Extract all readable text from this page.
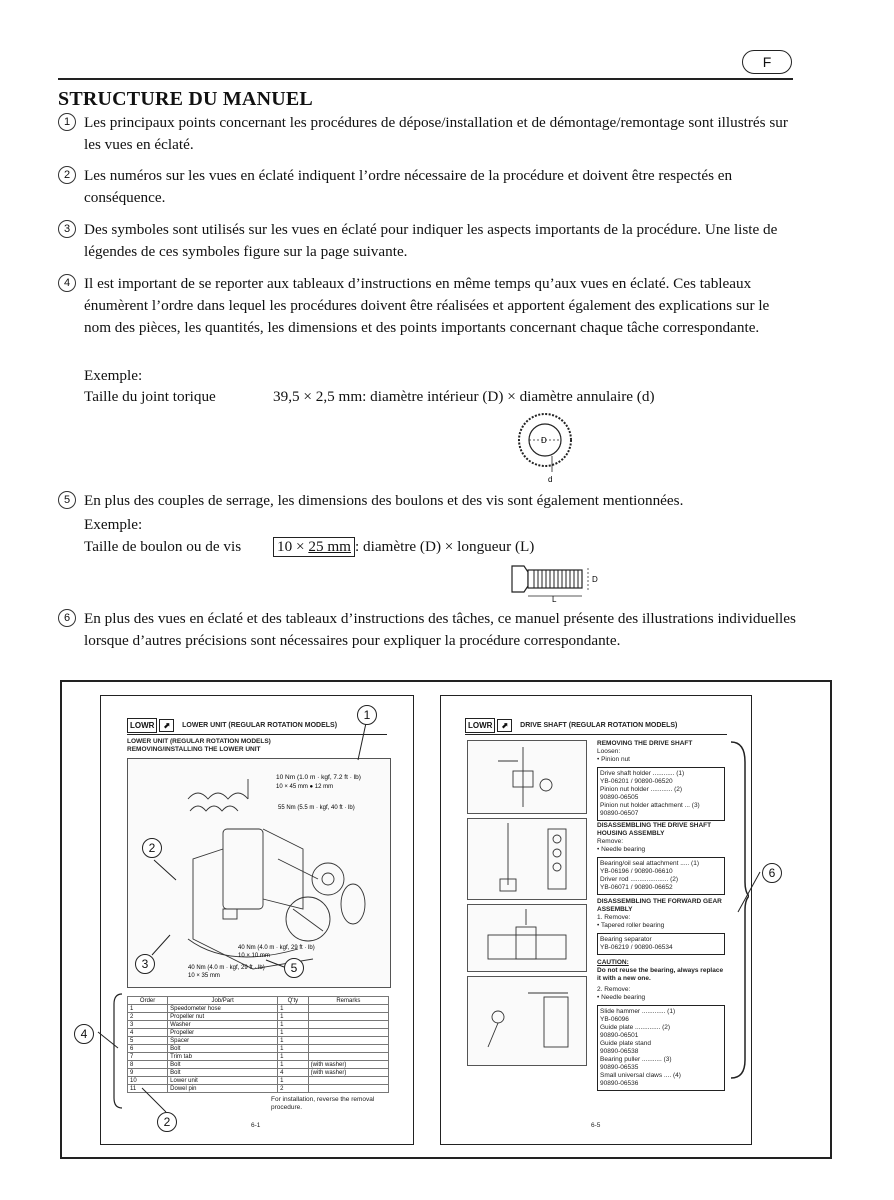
F
STRUCTURE DU MANUEL
1 Les principaux points concernant les procédures de dépose/installation et de démontage/remontage sont illustrés sur les vues en éclaté.
2 Les numéros sur les vues en éclaté indiquent l’ordre nécessaire de la procédure et doivent être respectés en conséquence.
3 Des symboles sont utilisés sur les vues en éclaté pour indiquer les aspects importants de la procédure. Une liste de légendes de ces symboles figure sur la page suivante.
4 Il est important de se reporter aux tableaux d’instructions en même temps qu’aux vues en éclaté. Ces tableaux énumèrent l’ordre dans lequel les procédures doivent être réalisées et apportent également des explications sur le nom des pièces, les quantités, les dimensions et des points importants concernant chaque tâche correspondante.
Exemple:
Taille du joint torique	39,5 × 2,5 mm: diamètre intérieur (D) × diamètre annulaire (d)
d
D
5 En plus des couples de serrage, les dimensions des boulons et des vis sont également mentionnées.
Exemple:
Taille de boulon ou de vis 10 × 25 mm : diamètre (D) × longueur (L)
D
L
6 En plus des vues en éclaté et des tableaux d’instructions des tâches, ce manuel présente des illustrations individuelles lorsque d’autres précisions sont nécessaires pour expliquer la procédure correspondante.
LOWR	⬈	LOWER UNIT (REGULAR ROTATION MODELS)
LOWER UNIT (REGULAR ROTATION MODELS)
REMOVING/INSTALLING THE LOWER UNIT
10 Nm (1.0 m · kgf, 7.2 ft · lb)
10 × 45 mm ● 12 mm
55 Nm (5.5 m · kgf, 40 ft · lb)
40 Nm (4.0 m · kgf, 29 ft · lb)
10 × 10 mm
40 Nm (4.0 m · kgf, 29 ft · lb)
10 × 35 mm
Order	Job/Part	Q'ty	Remarks
1	Speedometer hose	1	
2	Propeller nut	1	
3	Washer	1	
4	Propeller	1	
5	Spacer	1	
6	Bolt	1	
7	Trim tab	1	
8	Bolt	1	(with washer)
9	Bolt	4	(with washer)
10	Lower unit	1	
11	Dowel pin	2	
For installation, reverse the removal procedure.
6-1
LOWR	⬈	DRIVE SHAFT (REGULAR ROTATION MODELS)
REMOVING THE DRIVE SHAFT
Loosen:
• Pinion nut
Drive shaft holder ............ (1)
YB-06201 / 90890-06520
Pinion nut holder ............ (2)
90890-06505
Pinion nut holder attachment ... (3)
90890-06507
DISASSEMBLING THE DRIVE SHAFT HOUSING ASSEMBLY
Remove:
• Needle bearing
Bearing/oil seal attachment ..... (1)
YB-06196 / 90890-06610
Driver rod ..................... (2)
YB-06071 / 90890-06652
DISASSEMBLING THE FORWARD GEAR ASSEMBLY
1. Remove:
• Tapered roller bearing
Bearing separator
YB-06219 / 90890-06534
CAUTION:
Do not reuse the bearing, always replace it with a new one.
2. Remove:
• Needle bearing
Slide hammer ............. (1)
YB-06096
Guide plate .............. (2)
90890-06501
Guide plate stand
90890-06538
Bearing puller ........... (3)
90890-06535
Small universal claws .... (4)
90890-06536
6-5
1
2
3
4
5
6
2
